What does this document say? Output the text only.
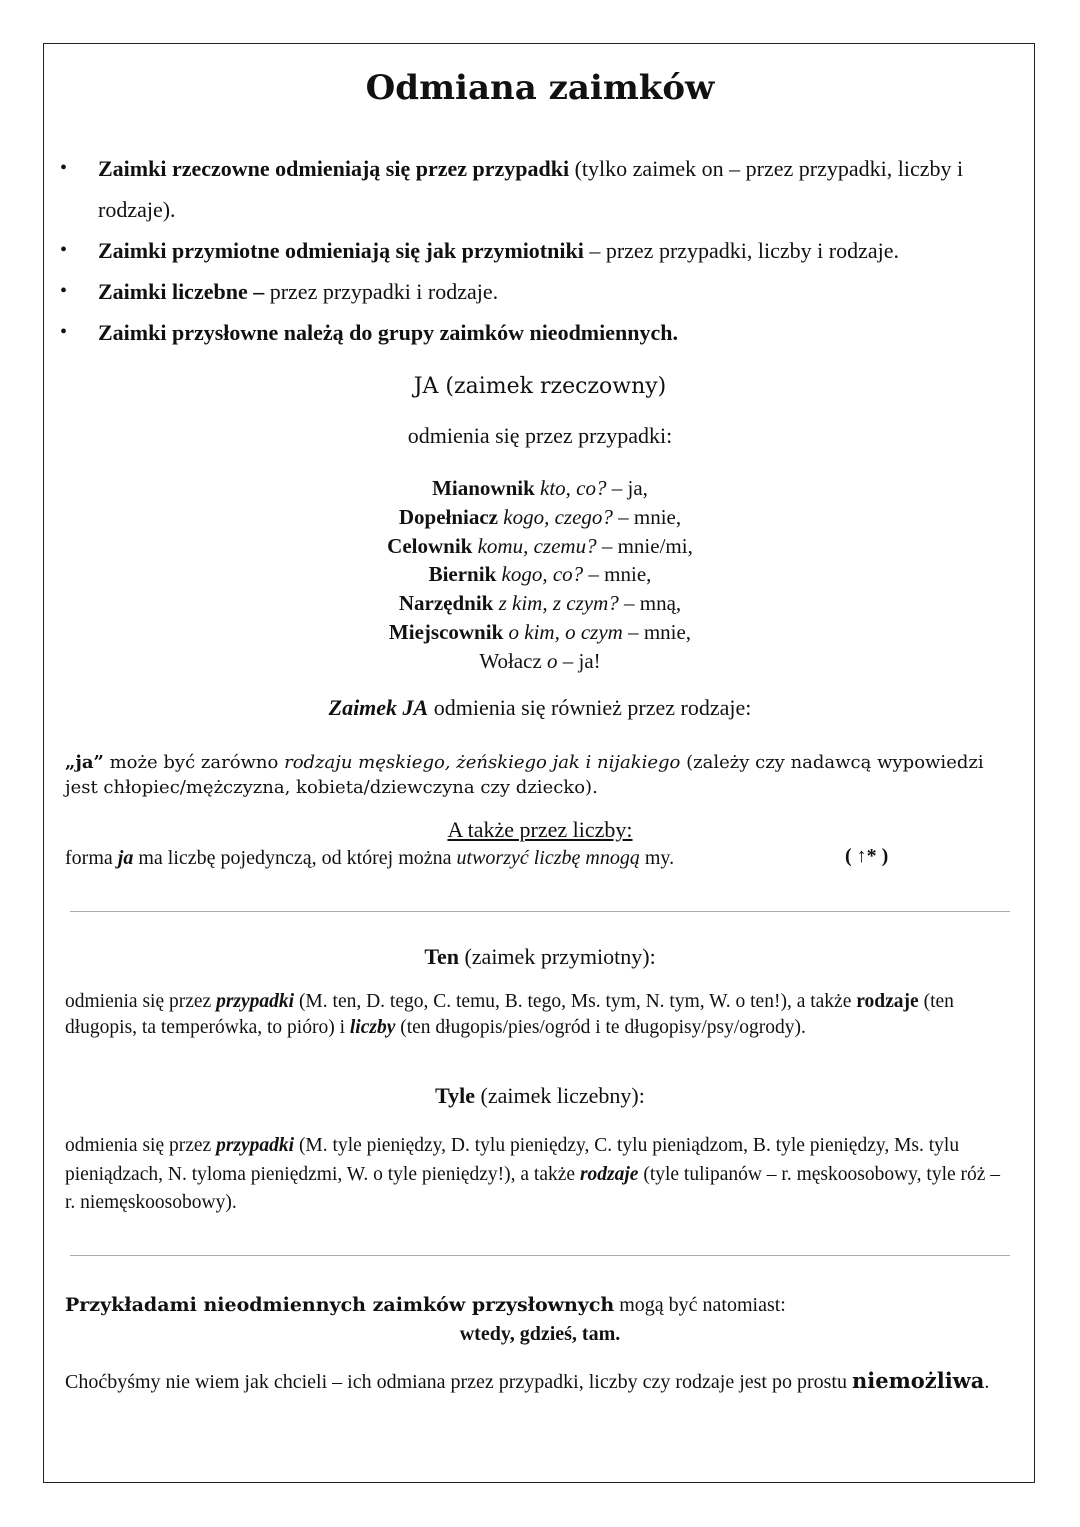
Odmiana zaimków
• Zaimki rzeczowne odmieniają się przez przypadki (tylko zaimek on – przez przypadki, liczby i rodzaje).
• Zaimki przymiotne odmieniają się jak przymiotniki – przez przypadki, liczby i rodzaje.
• Zaimki liczebne – przez przypadki i rodzaje.
• Zaimki przysłowne należą do grupy zaimków nieodmiennych.
JA (zaimek rzeczowny)
odmienia się przez przypadki:
Mianownik kto, co? – ja,
Dopełniacz kogo, czego? – mnie,
Celownik komu, czemu? – mnie/mi,
Biernik kogo, co? – mnie,
Narzędnik z kim, z czym? – mną,
Miejscownik o kim, o czym – mnie,
Wołacz o – ja!
Zaimek JA odmienia się również przez rodzaje:
„ja” może być zarówno rodzaju męskiego, żeńskiego jak i nijakiego (zależy czy nadawcą wypowiedzi jest chłopiec/mężczyzna, kobieta/dziewczyna czy dziecko).
A także przez liczby:
forma ja ma liczbę pojedynczą, od której można utworzyć liczbę mnogą my.	( ↑* )
Ten (zaimek przymiotny):
odmienia się przez przypadki (M. ten, D. tego, C. temu, B. tego, Ms. tym, N. tym, W. o ten!), a także rodzaje (ten długopis, ta temperówka, to pióro) i liczby (ten długopis/pies/ogród i te długopisy/psy/ogrody).
Tyle (zaimek liczebny):
odmienia się przez przypadki (M. tyle pieniędzy, D. tylu pieniędzy, C. tylu pieniądzom, B. tyle pieniędzy, Ms. tylu pieniądzach, N. tyloma pieniędzmi, W. o tyle pieniędzy!), a także rodzaje (tyle tulipanów – r. męskoosobowy, tyle róż – r. niemęskoosobowy).
Przykładami nieodmiennych zaimków przysłownych mogą być natomiast:
wtedy, gdzieś, tam.
Choćbyśmy nie wiem jak chcieli – ich odmiana przez przypadki, liczby czy rodzaje jest po prostu niemożliwa.
